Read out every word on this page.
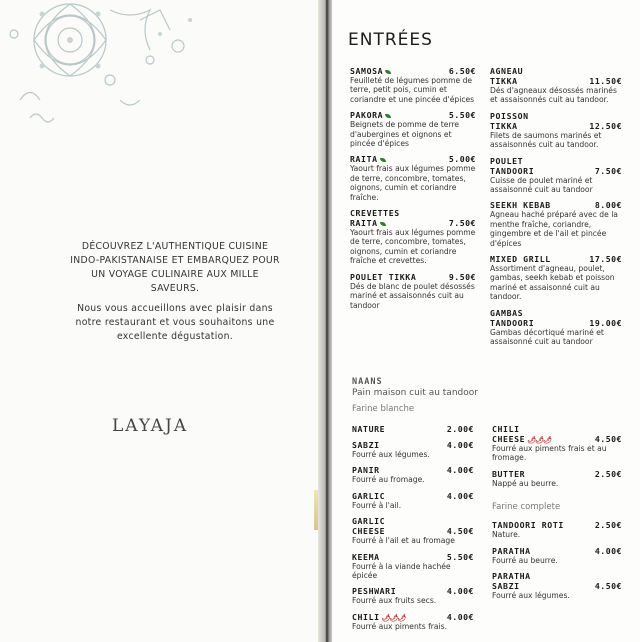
DÉCOUVREZ L'AUTHENTIQUE CUISINE INDO-PAKISTANAISE ET EMBARQUEZ POUR UN VOYAGE CULINAIRE AUX MILLE SAVEURS.
Nous vous accueillons avec plaisir dans notre restaurant et vous souhaitons une excellente dégustation.
LAYAJA
ENTRÉES
SAMOSA	6.50€
Feuilleté de légumes pomme de terre, petit pois, cumin et coriandre et une pincée d'épices
PAKORA	5.50€
Beignets de pomme de terre d'aubergines et oignons et pincée d'épices
RAITA	5.00€
Yaourt frais aux légumes pomme de terre, concombre, tomates, oignons, cumin et coriandre fraîche.
CREVETTES
RAITA	7.50€
Yaourt frais aux légumes pomme de terre, concombre, tomates, oignons, cumin et coriandre fraîche et crevettes.
POULET TIKKA	9.50€
Dés de blanc de poulet désossés mariné et assaisonnés cuit au tandoor
AGNEAU
TIKKA	11.50€
Dés d'agneaux désossés marinés et assaisonnés cuit au tandoor.
POISSON
TIKKA	12.50€
Filets de saumons marinés et assaisonnés cuit au tandoor.
POULET
TANDOORI	7.50€
Cuisse de poulet mariné et assaisonné cuit au tandoor
SEEKH KEBAB	8.00€
Agneau haché préparé avec de la menthe fraîche, coriandre, gingembre et de l'ail et pincée d'épices
MIXED GRILL	17.50€
Assortiment d'agneau, poulet, gambas, seekh kebab et poisson mariné et assaisonné cuit au tandoor.
GAMBAS
TANDOORI	19.00€
Gambas décortiqué mariné et assaisonné cuit au tandoor
NAANS
Pain maison cuit au tandoor
Farine blanche
NATURE	2.00€
SABZI	4.00€
Fourré aux légumes.
PANIR	4.00€
Fourré au fromage.
GARLIC	4.00€
Fourré à l'ail.
GARLIC
CHEESE	4.50€
Fourré à l'ail et au fromage
KEEMA	5.50€
Fourré à la viande hachée épicée
PESHWARI	4.00€
Fourré aux fruits secs.
CHILI 🌶🌶🌶	4.00€
Fourré aux piments frais.
CHILI
CHEESE 🌶🌶🌶	4.50€
Fourré aux piments frais et au fromage.
BUTTER	2.50€
Nappé au beurre.
Farine complete
TANDOORI ROTI	2.50€
Nature.
PARATHA	4.00€
Fourré au beurre.
PARATHA
SABZI	4.50€
Fourré aux légumes.
